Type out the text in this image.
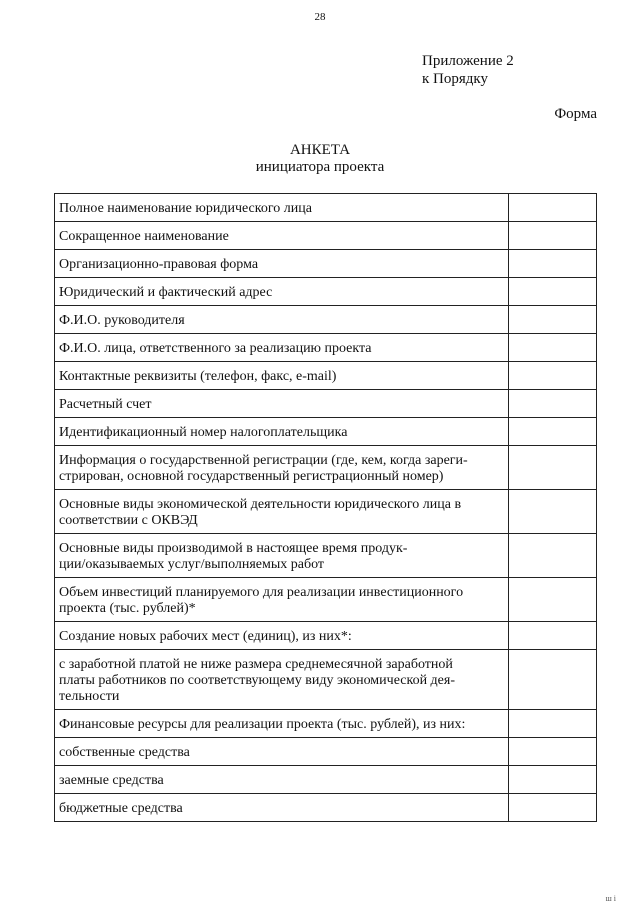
28
Приложение 2
к Порядку
Форма
АНКЕТА
инициатора проекта
Полное наименование юридического лица	
Сокращенное наименование	
Организационно-правовая форма	
Юридический и фактический адрес	
Ф.И.О. руководителя	
Ф.И.О. лица, ответственного за реализацию проекта	
Контактные реквизиты (телефон, факс, e-mail)	
Расчетный счет	
Идентификационный номер налогоплательщика	
Информация о государственной регистрации (где, кем, когда зареги-
стрирован, основной государственный регистрационный номер)	
Основные виды экономической деятельности юридического лица в
соответствии с ОКВЭД	
Основные виды производимой в настоящее время продук-
ции/оказываемых услуг/выполняемых работ	
Объем инвестиций планируемого для реализации инвестиционного
проекта (тыс. рублей)*	
Создание новых рабочих мест (единиц), из них*:	
с заработной платой не ниже размера среднемесячной заработной
платы работников по соответствующему виду экономической дея-
тельности	
Финансовые ресурсы для реализации проекта (тыс. рублей), из них:	
собственные средства	
заемные средства	
бюджетные средства	
ш і
